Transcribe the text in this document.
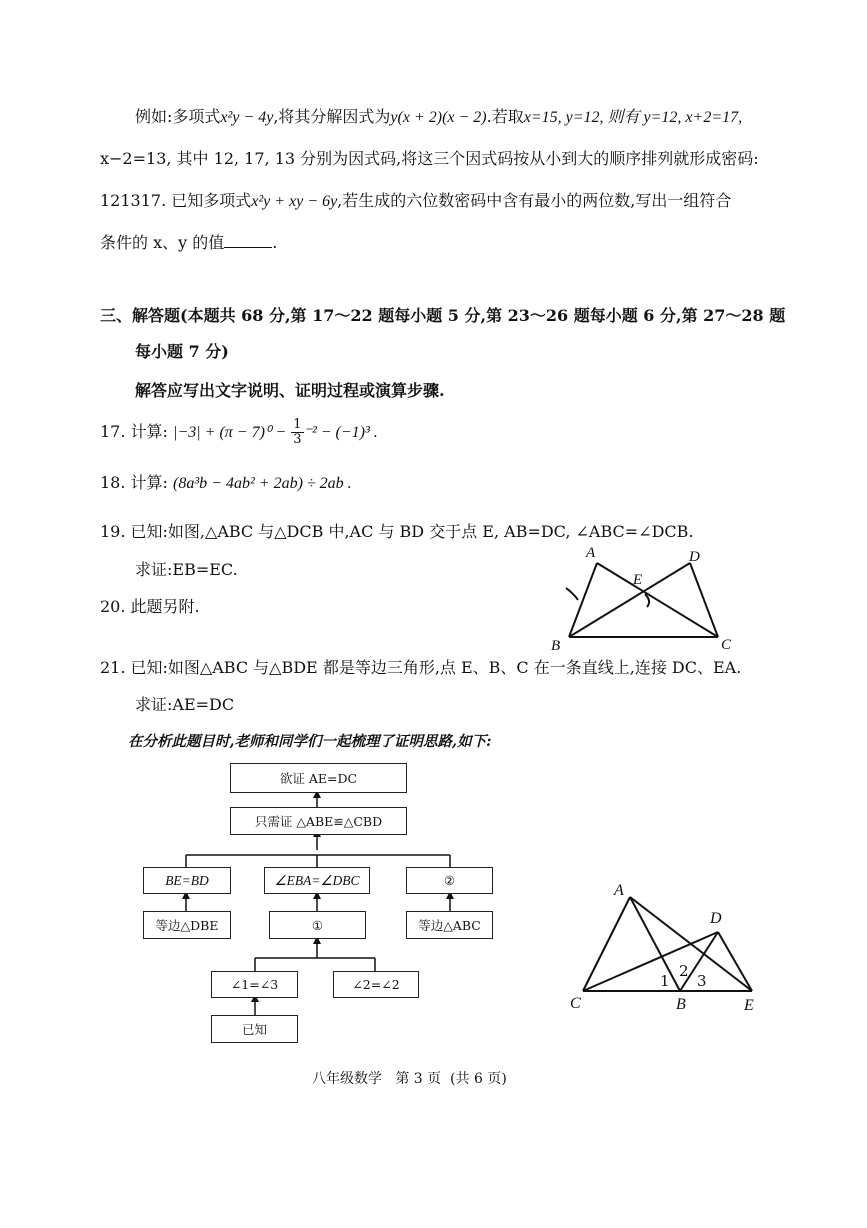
例如:多项式x²y − 4y,将其分解因式为y(x + 2)(x − 2).若取x=15, y=12, 则有 y=12, x+2=17,
x−2=13, 其中 12, 17, 13 分别为因式码,将这三个因式码按从小到大的顺序排列就形成密码:
121317. 已知多项式x²y + xy − 6y,若生成的六位数密码中含有最小的两位数,写出一组符合
条件的 x、y 的值	.
三、解答题(本题共 68 分,第 17～22 题每小题 5 分,第 23～26 题每小题 6 分,第 27～28 题
每小题 7 分)
解答应写出文字说明、证明过程或演算步骤.
17. 计算: $|-3| + (\pi - 7)^0 - \frac{1}{3} ^{-2} - (-1)^3$ .
18. 计算: (8a³b − 4ab² + 2ab) ÷ 2ab .
19. 已知:如图,△ABC 与△DCB 中,AC 与 BD 交于点 E, AB=DC, ∠ABC=∠DCB.
求证:EB=EC.
20. 此题另附.
A	D
E
B	C
21. 已知:如图△ABC 与△BDE 都是等边三角形,点 E、B、C 在一条直线上,连接 DC、EA.
求证:AE=DC
在分析此题目时,老师和同学们一起梳理了证明思路,如下:
欲证 AE=DC
只需证 △ABE≌△CBD
BE=BD	∠EBA=∠DBC	②
等边△DBE	①	等边△ABC
∠1=∠3	∠2=∠2
已知
A
D
C	B	E
1
2
3
八年级数学   第 3 页  (共 6 页)
